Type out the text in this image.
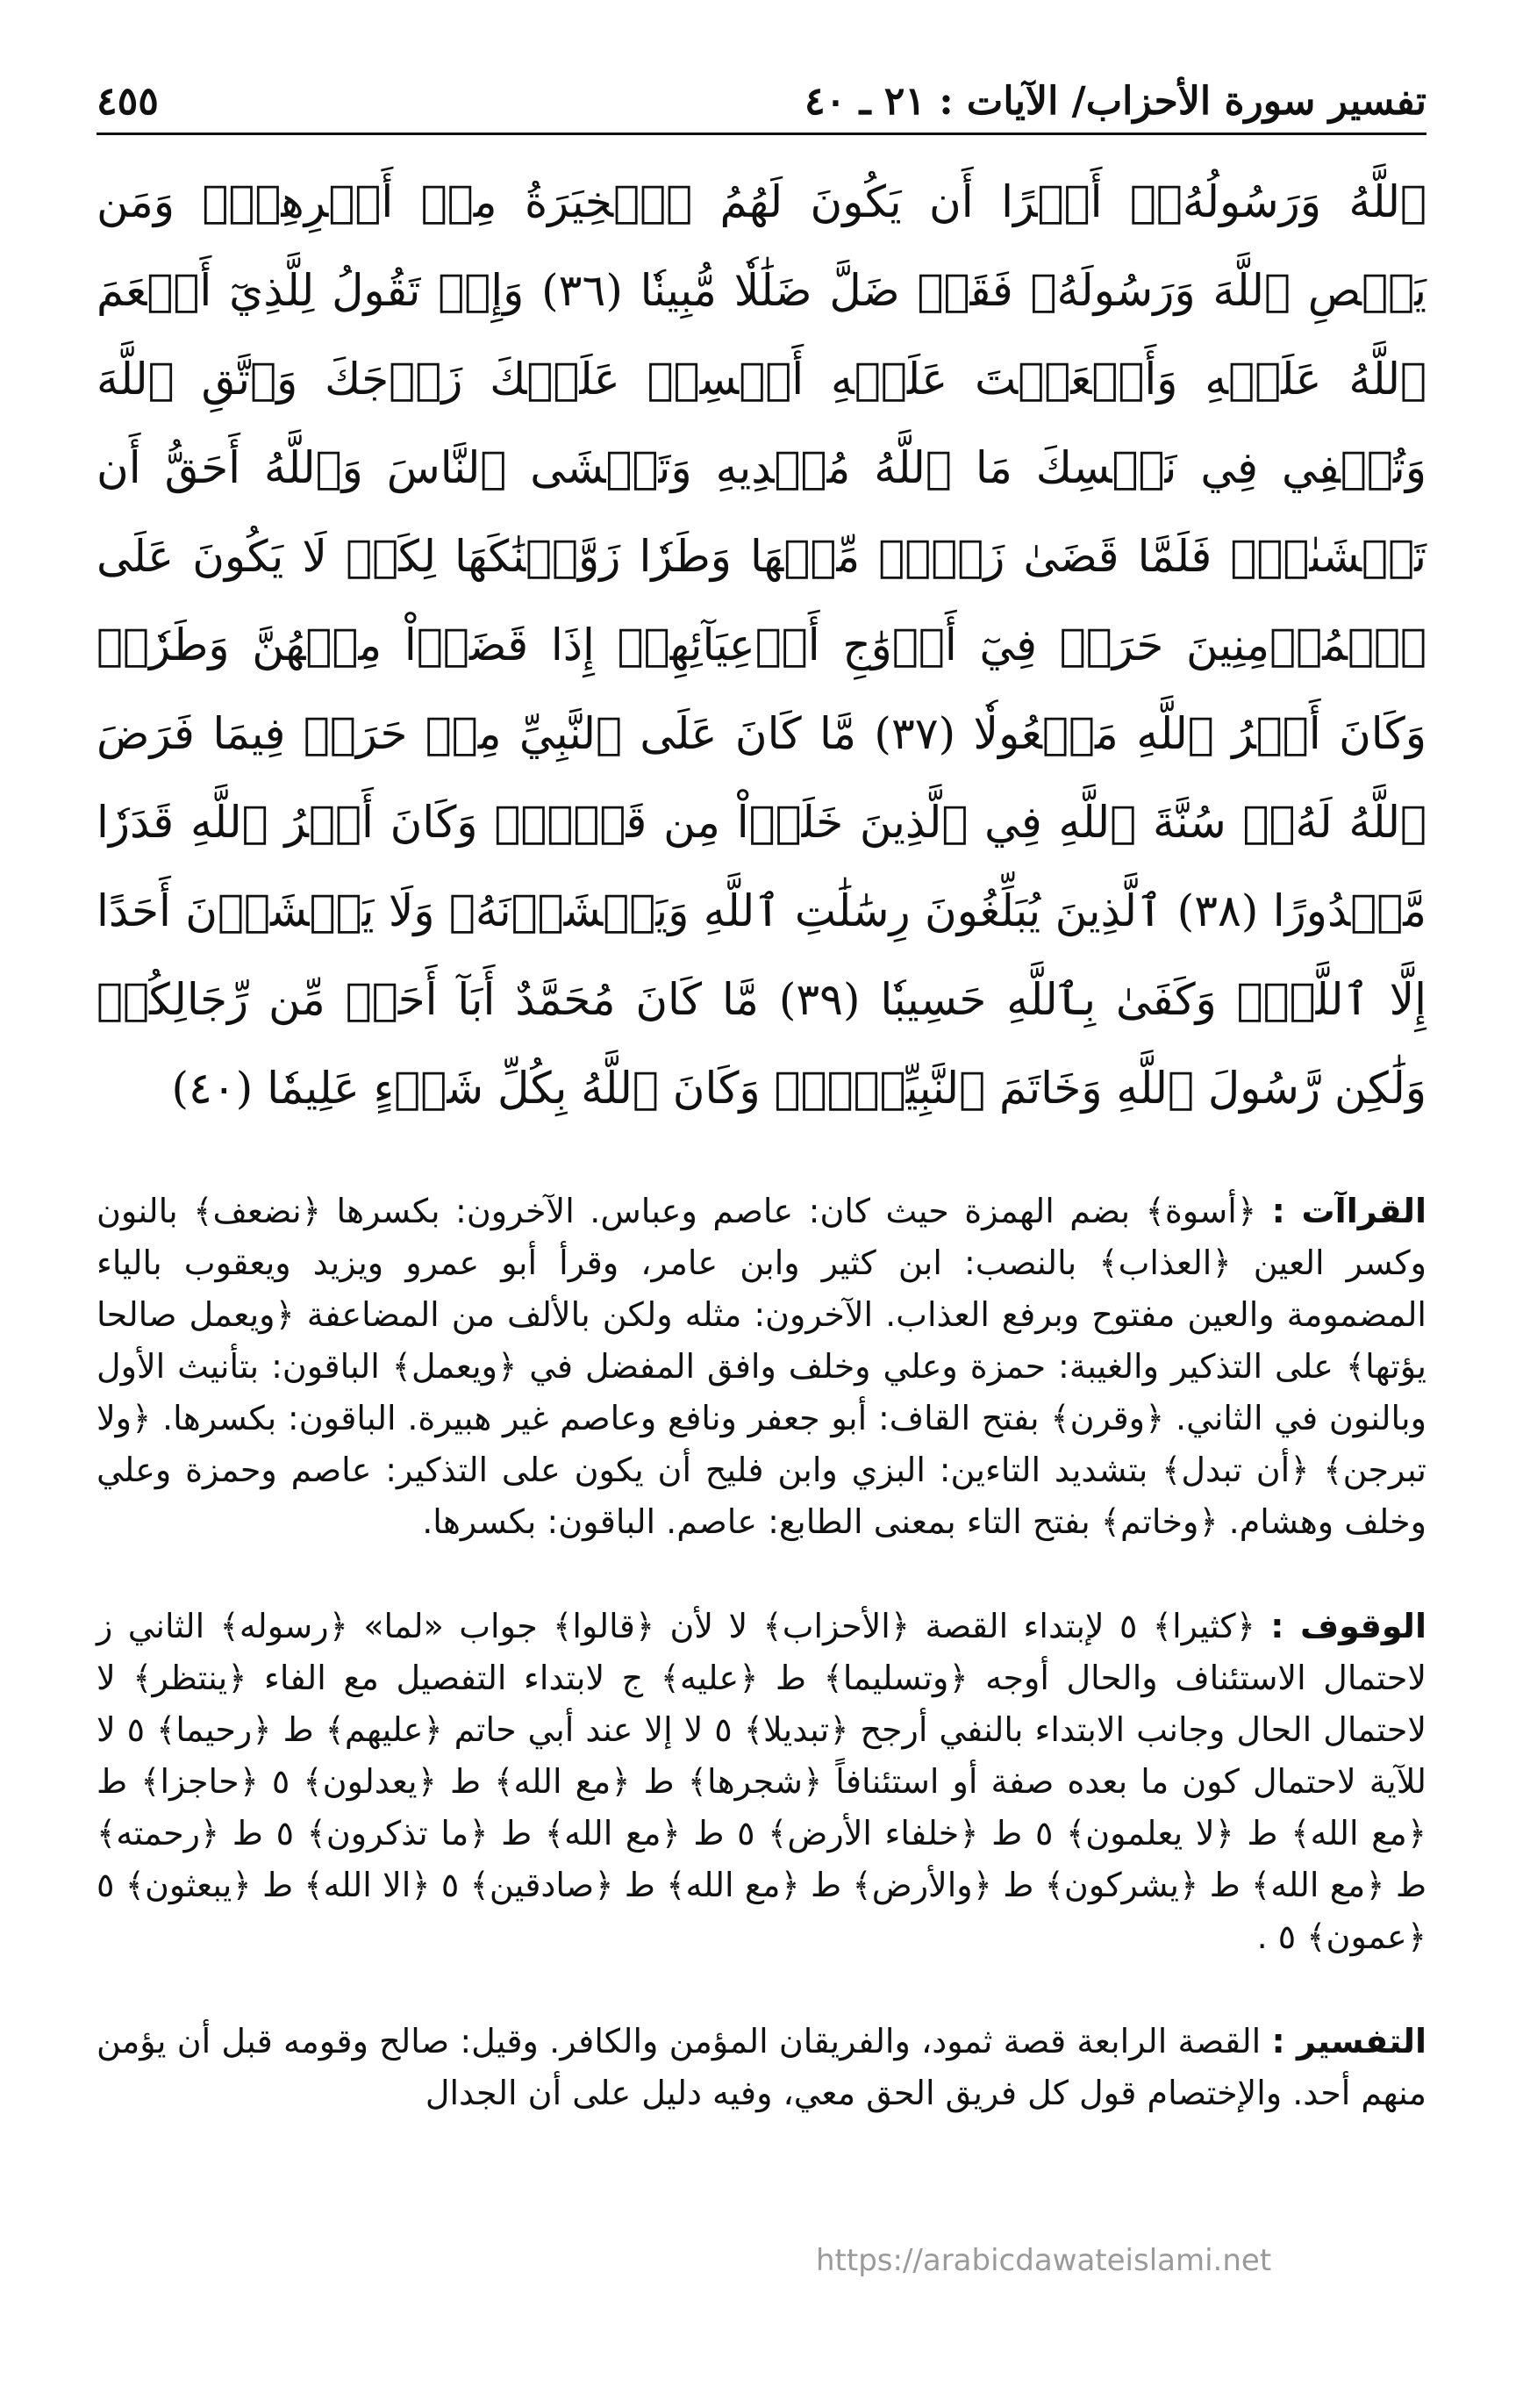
تفسير سورة الأحزاب/ الآيات : ٢١ ـ ٤٠
٤٥٥

ٱللَّهُ وَرَسُولُهُۥٓ أَمۡرًا أَن يَكُونَ لَهُمُ ٱلۡخِيَرَةُ مِنۡ أَمۡرِهِمۡۗ وَمَن يَعۡصِ ٱللَّهَ وَرَسُولَهُۥ فَقَدۡ ضَلَّ ضَلَٰلٗا مُّبِينٗا (٣٦) وَإِذۡ تَقُولُ لِلَّذِيٓ أَنۡعَمَ ٱللَّهُ عَلَيۡهِ وَأَنۡعَمۡتَ عَلَيۡهِ أَمۡسِكۡ عَلَيۡكَ زَوۡجَكَ وَٱتَّقِ ٱللَّهَ وَتُخۡفِي فِي نَفۡسِكَ مَا ٱللَّهُ مُبۡدِيهِ وَتَخۡشَى ٱلنَّاسَ وَٱللَّهُ أَحَقُّ أَن تَخۡشَىٰهُۖ فَلَمَّا قَضَىٰ زَيۡدٞ مِّنۡهَا وَطَرٗا زَوَّجۡنَٰكَهَا لِكَيۡ لَا يَكُونَ عَلَى ٱلۡمُؤۡمِنِينَ حَرَجٞ فِيٓ أَزۡوَٰجِ أَدۡعِيَآئِهِمۡ إِذَا قَضَوۡاْ مِنۡهُنَّ وَطَرٗاۚ وَكَانَ أَمۡرُ ٱللَّهِ مَفۡعُولٗا (٣٧) مَّا كَانَ عَلَى ٱلنَّبِيِّ مِنۡ حَرَجٖ فِيمَا فَرَضَ ٱللَّهُ لَهُۥۖ سُنَّةَ ٱللَّهِ فِي ٱلَّذِينَ خَلَوۡاْ مِن قَبۡلُۚ وَكَانَ أَمۡرُ ٱللَّهِ قَدَرٗا مَّقۡدُورًا (٣٨) ٱلَّذِينَ يُبَلِّغُونَ رِسَٰلَٰتِ ٱللَّهِ وَيَخۡشَوۡنَهُۥ وَلَا يَخۡشَوۡنَ أَحَدًا إِلَّا ٱللَّهَۗ وَكَفَىٰ بِٱللَّهِ حَسِيبٗا (٣٩) مَّا كَانَ مُحَمَّدٌ أَبَآ أَحَدٖ مِّن رِّجَالِكُمۡ وَلَٰكِن رَّسُولَ ٱللَّهِ وَخَاتَمَ ٱلنَّبِيِّـۧنَۗ وَكَانَ ٱللَّهُ بِكُلِّ شَيۡءٍ عَلِيمٗا (٤٠)

القراآت : ﴿أسوة﴾ بضم الهمزة حيث كان: عاصم وعباس. الآخرون: بكسرها ﴿نضعف﴾ بالنون وكسر العين ﴿العذاب﴾ بالنصب: ابن كثير وابن عامر، وقرأ أبو عمرو ويزيد ويعقوب بالياء المضمومة والعين مفتوح وبرفع العذاب. الآخرون: مثله ولكن بالألف من المضاعفة ﴿ويعمل صالحا يؤتها﴾ على التذكير والغيبة: حمزة وعلي وخلف وافق المفضل في ﴿ويعمل﴾ الباقون: بتأنيث الأول وبالنون في الثاني. ﴿وقرن﴾ بفتح القاف: أبو جعفر ونافع وعاصم غير هبيرة. الباقون: بكسرها. ﴿ولا تبرجن﴾ ﴿أن تبدل﴾ بتشديد التاءين: البزي وابن فليح أن يكون على التذكير: عاصم وحمزة وعلي وخلف وهشام. ﴿وخاتم﴾ بفتح التاء بمعنى الطابع: عاصم. الباقون: بكسرها.

الوقوف : ﴿كثيرا﴾ ٥ لإبتداء القصة ﴿الأحزاب﴾ لا لأن ﴿قالوا﴾ جواب «لما» ﴿رسوله﴾ الثاني ز لاحتمال الاستئناف والحال أوجه ﴿وتسليما﴾ ط ﴿عليه﴾ ج لابتداء التفصيل مع الفاء ﴿ينتظر﴾ لا لاحتمال الحال وجانب الابتداء بالنفي أرجح ﴿تبديلا﴾ ٥ لا إلا عند أبي حاتم ﴿عليهم﴾ ط ﴿رحيما﴾ ٥ لا للآية لاحتمال كون ما بعده صفة أو استئنافاً ﴿شجرها﴾ ط ﴿مع الله﴾ ط ﴿يعدلون﴾ ٥ ﴿حاجزا﴾ ط ﴿مع الله﴾ ط ﴿لا يعلمون﴾ ٥ ط ﴿خلفاء الأرض﴾ ٥ ط ﴿مع الله﴾ ط ﴿ما تذكرون﴾ ٥ ط ﴿رحمته﴾ ط ﴿مع الله﴾ ط ﴿يشركون﴾ ط ﴿والأرض﴾ ط ﴿مع الله﴾ ط ﴿صادقين﴾ ٥ ﴿الا الله﴾ ط ﴿يبعثون﴾ ٥ ﴿عمون﴾ ٥ .

التفسير : القصة الرابعة قصة ثمود، والفريقان المؤمن والكافر. وقيل: صالح وقومه قبل أن يؤمن منهم أحد. والإختصام قول كل فريق الحق معي، وفيه دليل على أن الجدال

https://arabicdawateislami.net
